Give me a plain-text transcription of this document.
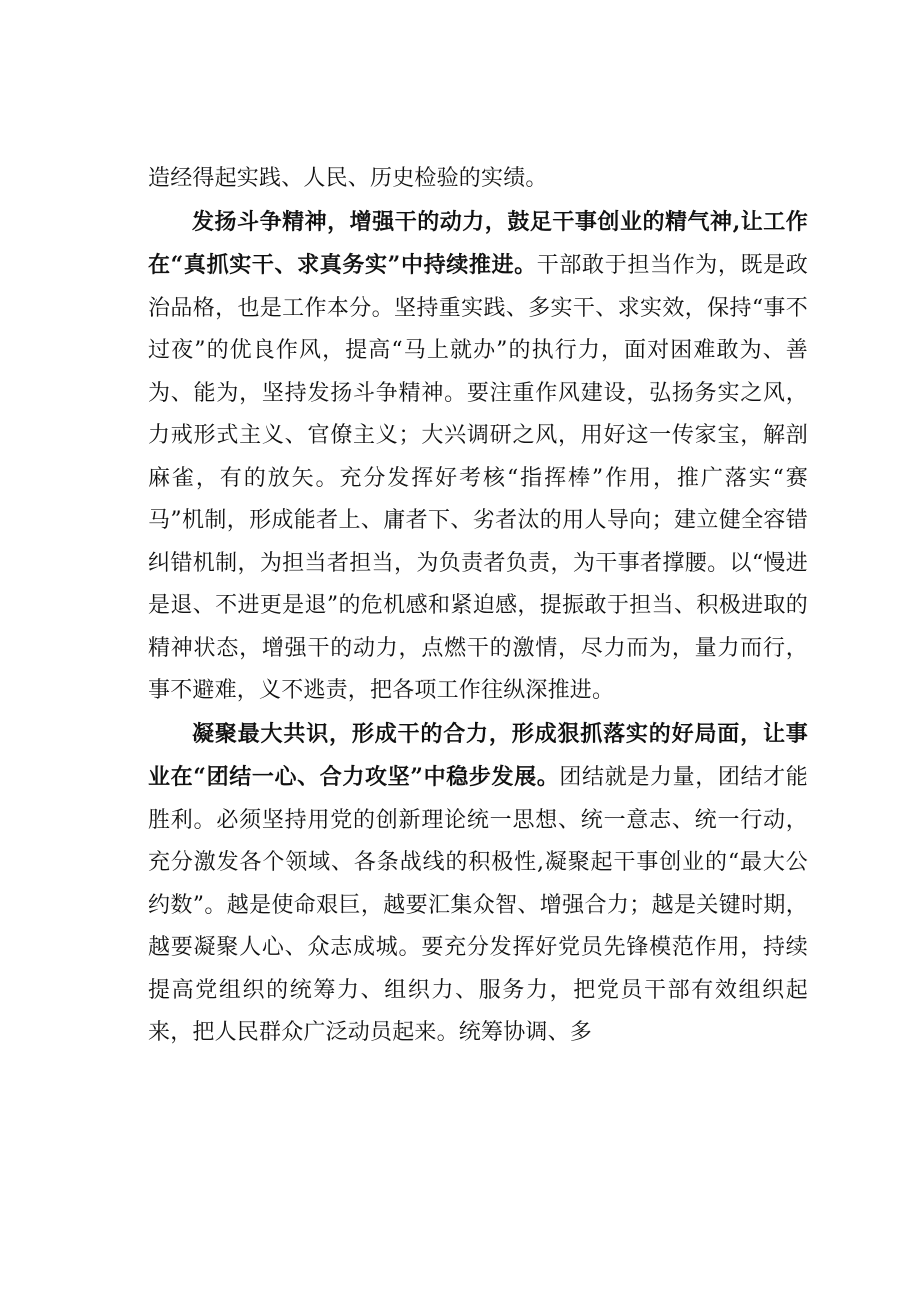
造经得起实践、人民、历史检验的实绩。

发扬斗争精神，增强干的动力，鼓足干事创业的精气神,让工作在“真抓实干、求真务实”中持续推进。干部敢于担当作为，既是政治品格，也是工作本分。坚持重实践、多实干、求实效，保持“事不过夜”的优良作风，提高“马上就办”的执行力，面对困难敢为、善为、能为，坚持发扬斗争精神。要注重作风建设，弘扬务实之风，力戒形式主义、官僚主义；大兴调研之风，用好这一传家宝，解剖麻雀，有的放矢。充分发挥好考核“指挥棒”作用，推广落实“赛马”机制，形成能者上、庸者下、劣者汰的用人导向；建立健全容错纠错机制，为担当者担当，为负责者负责，为干事者撑腰。以“慢进是退、不进更是退”的危机感和紧迫感，提振敢于担当、积极进取的精神状态，增强干的动力，点燃干的激情，尽力而为，量力而行，事不避难，义不逃责，把各项工作往纵深推进。

凝聚最大共识，形成干的合力，形成狠抓落实的好局面，让事业在“团结一心、合力攻坚”中稳步发展。团结就是力量，团结才能胜利。必须坚持用党的创新理论统一思想、统一意志、统一行动，充分激发各个领域、各条战线的积极性,凝聚起干事创业的“最大公约数”。越是使命艰巨，越要汇集众智、增强合力；越是关键时期，越要凝聚人心、众志成城。要充分发挥好党员先锋模范作用，持续提高党组织的统筹力、组织力、服务力，把党员干部有效组织起来，把人民群众广泛动员起来。统筹协调、多
